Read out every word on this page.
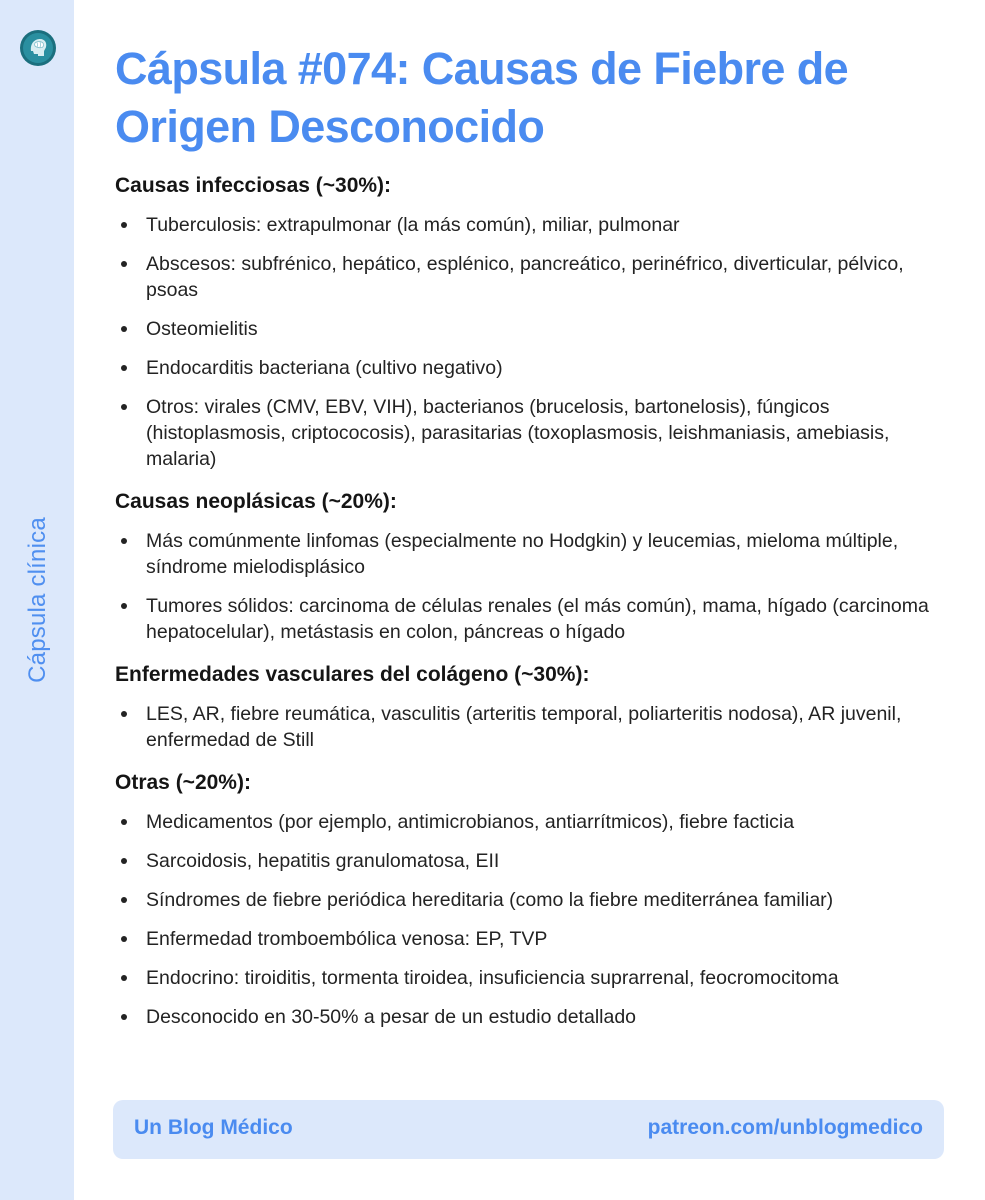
Cápsula clínica
Cápsula #074: Causas de Fiebre de Origen Desconocido
Causas infecciosas (~30%):
Tuberculosis: extrapulmonar (la más común), miliar, pulmonar
Abscesos: subfrénico, hepático, esplénico, pancreático, perinéfrico, diverticular, pélvico, psoas
Osteomielitis
Endocarditis bacteriana (cultivo negativo)
Otros: virales (CMV, EBV, VIH), bacterianos (brucelosis, bartonelosis), fúngicos (histoplasmosis, criptococosis), parasitarias (toxoplasmosis, leishmaniasis, amebiasis, malaria)
Causas neoplásicas (~20%):
Más comúnmente linfomas (especialmente no Hodgkin) y leucemias, mieloma múltiple, síndrome mielodisplásico
Tumores sólidos: carcinoma de células renales (el más común), mama, hígado (carcinoma hepatocelular), metástasis en colon, páncreas o hígado
Enfermedades vasculares del colágeno (~30%):
LES, AR, fiebre reumática, vasculitis (arteritis temporal, poliarteritis nodosa), AR juvenil, enfermedad de Still
Otras (~20%):
Medicamentos (por ejemplo, antimicrobianos, antiarrítmicos), fiebre facticia
Sarcoidosis, hepatitis granulomatosa, EII
Síndromes de fiebre periódica hereditaria (como la fiebre mediterránea familiar)
Enfermedad tromboembólica venosa: EP, TVP
Endocrino: tiroiditis, tormenta tiroidea, insuficiencia suprarrenal, feocromocitoma
Desconocido en 30-50% a pesar de un estudio detallado
Un Blog Médico	patreon.com/unblogmedico
